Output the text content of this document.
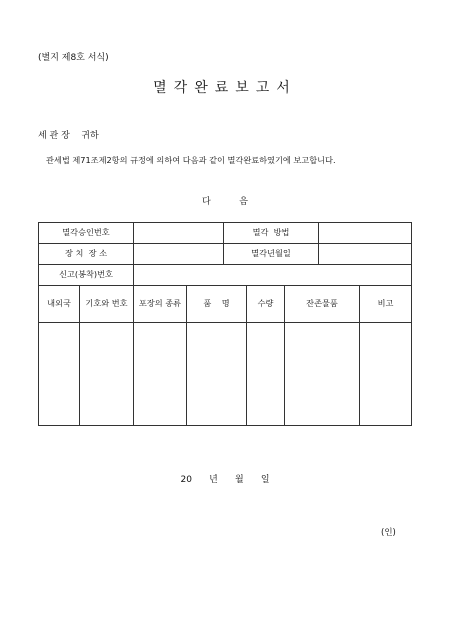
(별지 제8호 서식)
멸각완료보고서
세 관 장    귀하
관세법 제71조제2항의 규정에 의하여 다음과 같이 멸각완료하였기에 보고합니다.
다          음
멸각승인번호	멸각  방법
장 치  장 소	멸각년월일
신고(봉착)번호
내외국	기호와 번호	포장의 종류	품    명	수량	잔존물품	비고
20      년      월      일
(인)
